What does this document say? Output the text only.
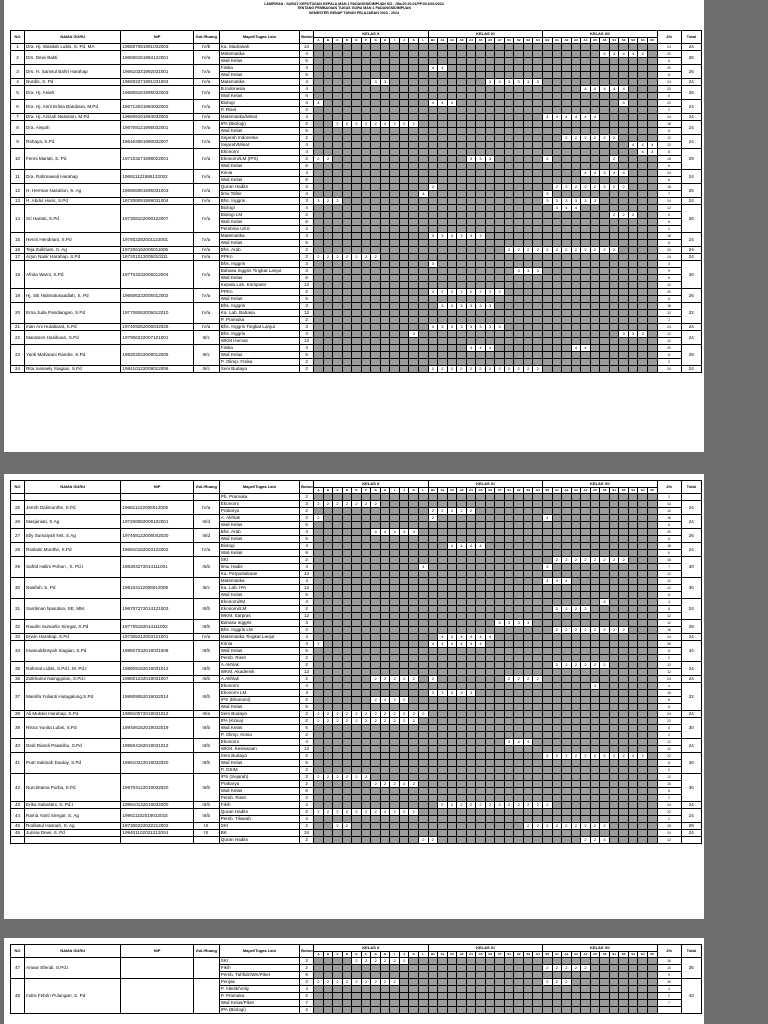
LAMPIRAN : SURAT KEPUTUSAN KEPALA MAN 1 PADANGSIDIMPUAN NO : /Ma.20.20.01/PP.00.6/01/2024
TENTANG PEMBAGIAN TUGAS GURU MAN 1 PADANGSIDIMPUAN
SEMESTER GENAP TAHUN PELAJARAN 2023 - 2024
NO	NAMA GURU	NIP	Gol./Ruang	Mapel/Tugas Lain	Bobot	KELAS X												KELAS XI												KELAS XII												Jlh	Total
						A	B	C	D	E	F	G	H	I	J	K	L	B1	A1	A2	A3	A4	A5	A6	A7	S1	S2	S3	S4	B1	A1	A2	A3	A4	A5	A6	S1	S2	S3	S4	S5		
1	Dra. Hj. Wasilah Lubis, S. Pd, MA	196507081991032003	IV/b	Ka. Madrasah	24																																					24	24
2	Drs. Dewi Bakti	196508151994122001	IV/a	Matematika	4																															4	4	4	4	4		20	26
				Wali Kelas	6																																					6	
3	Drs. H. Samsul Bahri Harahap	196610231992031001	IV/a	Fisika	4													4	4																							20	26
				Wali Kelas	6																																					6	
4	Nurdin, S. Pd	196602271991031004	IV/a	Matematika	4							3	3											3	3	3	3	3	3													24	24
5	Dra. Hj. Asiah	196808181995032003	IV/a	B.Indonesia	4																													4	4	4	4	4				20	26
				Wali Kelas	6																																					6	
6	Dra. Hj. Anni Erlina Batubara, M.Pd	196712041994032002	IV/a	Biologi	4	4												4	4	4																		4				22	24
				P. Riset	2																																					2	
7	Dra. Hj. Azizah Nasution, M.Pd	196609191994032002	IV/a	Matematika/Minat	4																									4	4	4	4	4	4							24	24
8	Dra. Aisyah	196709121995032001	IV/a	IPA (Biologi)	2			2	2	2	2	2	2	2	2	2																										18	24
				Wali Kelas	6																																					6	
9	Rohaya, S.Pd	196404081990032007	IV/a	Sejarah Indonesia	2																											2	2	2	2	2	2					12	24
				Sejarah/Minat	4																																		4	4	4	12	
10	Fenni Mariati, S. Pd	197103271998022001	IV/a	Ekonomi	4																																			4	4	8	29
				Ekonomi/LM (IPS)	2	2	2															3	3	3						2							2					15	
				Wali Kelas	6																																					6	
11	Dra. Rahmawati Harahap	196911121995122002	IV/a	Kimia	4																													4	4	4	4	4				24	24
				Wali Kelas	6																																					6	
12	H. Herman Nasution, S. Ag	196906081995031003	IV/a	Quran Hadits	2													2													2	2	2	2	2	2	2	2				18	25
				Ilmu Tafsir	4												4													3												7	
13	H. Abdul Haris, S.Pd	197206091999031004	IV/a	Bhs. Inggris	3	3	2	2																						3	3	3	3	3	3							24	24
14	Sri Hartati, S.Pd	197308102000122007	IV/a	Biologi	4																										4	4	4									12	26
				Biologi LM	2																																2	2	2			6	
				Wali Kelas	6																																					6	
				Pembina UKS	2																																					2	
15	Henni Hendriani, S.Pd	197502282001122001	IV/a	Matematika	3													3	3	3	3	3	3																			18	24
				Wali Kelas	6																																					6	
16	Teja Zulkham, S. Ag	197206162005011006	IV/a	Bhs. Arab	2																					2	2	2	2	2	2	2	2	2	2	2	2					24	24
17	Arjun Nasir Harahap, S.Pd	197201012005010111	IV/a	PPKn	2	2	2	2	2	2	2	2																														24	24
18	Afnita Warni, S.Pd	197704232005012004	IV/a	Bhs. Inggris	3													3																								3	30
				Bahasa Inggris Tingkat Lanjut	3																						3	3	3													9	
				Wali Kelas	6																																					6	
				Kepala Lab. Komputer	12																																					12	
19	Hj. Siti Halimatusaadiah, S. Pd	196606232005012002	IV/a	PPKn	2													2	2	2	2	2	2	2	2																	20	26
				Wali Kelas	6																																					6	
20	Erna Juita Pandiangan, S.Pd	197706062005012010	IV/a	Bhs. Inggris	3														3	3	3	3	3	3																		18	32
				Ka. Lab. Bahasa	12																																					12	
				P. Pramuka	2																																					2	
21	Irian Ani Hutabarat, S.Pd	197409252006042025	IV/a	Bhs. Inggris Tingkat Lanjut	3													3	3	3	3	3	3	3	3																	24	24
22	Maratoon Hasibuan, S.Pd	197906222007101001	III/c	Bhs. Inggris	3											3																						3	3	3		12	24
				WKM Humas	12																																					12	
23	Yanti Maharani Rambe, S.Pd	198202042009012005	III/c	Fisika	4																	4	4	4									4	4								20	28
				Wali Kelas	6																																					6	
				P. Olimp. Fisika	2																																					2	
24	Rita Ivanaely Siagian, S.Pd	198410122009012006	III/c	Seni Budaya	2													2	2	2	2	2	2	2	2	2	2	2	2													24	24
NO	NAMA GURU	NIP	Gol./Ruang	Mapel/Tugas Lain	Bobot	KELAS X												KELAS XI												KELAS XII												Jlh	Total
						A	B	C	D	E	F	G	H	I	J	K	L	B1	A1	A2	A3	A4	A5	A6	A7	S1	S2	S3	S4	B1	A1	A2	A3	A4	A5	A6	S1	S2	S3	S4	S5		
				Pb. Pramuka	2																																					2	
25	Jernih Dalimunthe, S.Pd	196811222005012005	IV/a	Ekonomi	3	2	2	2	2	2	2	2																														14	24
				Prakarya	2													2	2	2	2	2																				10	
26	Masjuniati, S.Ag	197206082009102001	III/d	A. Akhlak	2	2												2												4												18	24
				Wali Kelas	6																																					6	
27	Elly Sumaiyah Nst, S.Ag	197408122006042030	III/d	Bhs. Arab	4							4	4	4	4	4																										20	26
				Wali Kelas	6																																					6	
28	Roslaini Munthe, S.Pd	196810182003122002	IV/a	Biologi	4															4	4	4	4																			18	24
				Wali Kelas	6																																					6	
29	Safrid Halim Pohan , S. Pd.I	198304272014111001	III/b	SKI	2																										2	2	2	2	2	2	2	2				16	30
				Ilmu Hadis	4												4													3												7	
				Ka. Perpustakaan	12																																					12	
30	Nasifah, S. Pd	198104112009012006	III/c	Matematika	4																									4	4	4										12	30
				Ka. Lab. IPA	12																																					12	
				Wali Kelas	6																																					6	
31	Sardiman Nasution, SE, MM.	196707272014121003	III/b	Ekonomi/IM	4																															4						4	24
				Ekonomi/LM	2																										2	2	2	2								8	
				WKM. Sarpras	12																																					12	
32	Raudin Sumarlin Siregar, S.Pd	197705182014111002	III/b	Bahasa Inggris	3																				3	3	3	3														12	28
				Bhs. Inggris LM	2																										2	2	2	2	2	2	2	2				16	
33	Erwin Harahap, S.Pd	197305212003121001	IV/a	Matematika Tingkat Lanjut	4														4	4	4	4	4	4																		24	24
34	Imanuddinsyah Siagian, S.Pd	198507032019031008	III/b	Kimia	4	2												4	4	4	4	4	4																			26	34
				Wali Kelas	6																																					6	
				Pemb. Riset	2																																					2	
35	Rahmat Lubis, S.Pd.I, M. Pd.I	198609182019031012	III/b	A.Akhlak	2																										2	2	2	2	2	2						12	24
				WKM. Akademik	12																																					12	
36	Zulkhairul Nainggolan, S.Pd.I	198801232019031007	III/b	A.Akhlak	2							2	2	2	2	2		2								2	2	2	2													24	24
37	Masrifa Yulianti Hutagalung,S.Pd	198809052019032014	III/b	Ekonomi	4																														4							4	32
				Ekonomi LM	3													3	3	3	3	3																				15	
				IPS (Ekonomi)	2							2	2	2	2																											8	
				Wali Kelas	6																																					6	
38	Ali Muksin Harahap, S.Pd	198810072019031012	III/a	Seni Budaya	2	2	2	2	2	2	2	2	2	2	2	2	2																									24	24
39	Risna Yunita Lubis, S.Pd	199406152019032019	III/b	IPA (Kimia)	2	2	2	2	2	2	2	2	2	2	2	2																										22	30
				Wali Kelas	6																																					6	
				P. Olimp. Kimia	2																																					2	
40	Dedi Riandi Pasaribu, S.Pd	199504182019031012	III/b	Ekonomi	4																					4	4	4														12	24
				WKM. Kesiswaan	12																																					12	
41	Putri Sakinah Daulay, S.Pd	199510222019032020	III/b	Seni Budaya	2																									2	2	2	2	2	2	2	2	2	2	2		22	30
				Wali Kelas	6																																					6	
				P. OSIM	2																																					2	
42	Nurcintama Purba, S.Pd	199704122019032020	III/b	IPS (Sejarah)	2	2	2	2	2	2	2																															12	30
				Prakarya	2							2	2	2	2	2																										10	
				Wali Kelas	6																																					6	
				Pemb. Riset	2																																					2	
43	Erika Sabastini, S. Pd.I	198810132019032000	III/b	Fikih	2														2	2	2	2	2	2	2	2	2	2	2	2												24	24
44	Rama Yanti Siregar, S. Ag	199611102019032015	III/b	Quran Hadits	2	2	2	2	2	2	2	2	2	2	2	2																										22	24
				Pemb. Tilawah	2																																					2	
45	Rodliatul Hasnah, S. Ag	197306222022212002	IX	SKI	2			2	2																			2	2	2	2	2	2	2	2	2						28	28
46	Junina Dewi, S. Pd	199401102021212004	IX	BK	24																																					24	24
				Quran Hadits	2												2	2																2	2	4						12	
NO	NAMA GURU	NIP	Gol./Ruang	Mapel/Tugas Lain	Bobot	KELAS X												KELAS XI												KELAS XII												Jlh	Total
						A	B	C	D	E	F	G	H	I	J	K	L	B1	A1	A2	A3	A4	A5	A6	A7	S1	S2	S3	S4	B1	A1	A2	A3	A4	A5	A6	S1	S2	S3	S4	S5		
47	Anwar Efendi, S.Pd.I			SKI	2					2	2	2	2	2	2																											16	35
				Fikih	2																									2	2	2	2	2								10	
				Pemb. Tahfidz/WK/Piket	9																																					9	
48	Indra Febrin Pulungan, S. Pd			Penjas	2	2	2	2	2	2	2	2	2	2																2	2	2										30	43
				P. Atletik/Voliy	4																																					4	
				P. Pramuka	2																																					2	
				Wali Kelas/Piket	7																																					7	
				IPA (Biologi)	2																																						
